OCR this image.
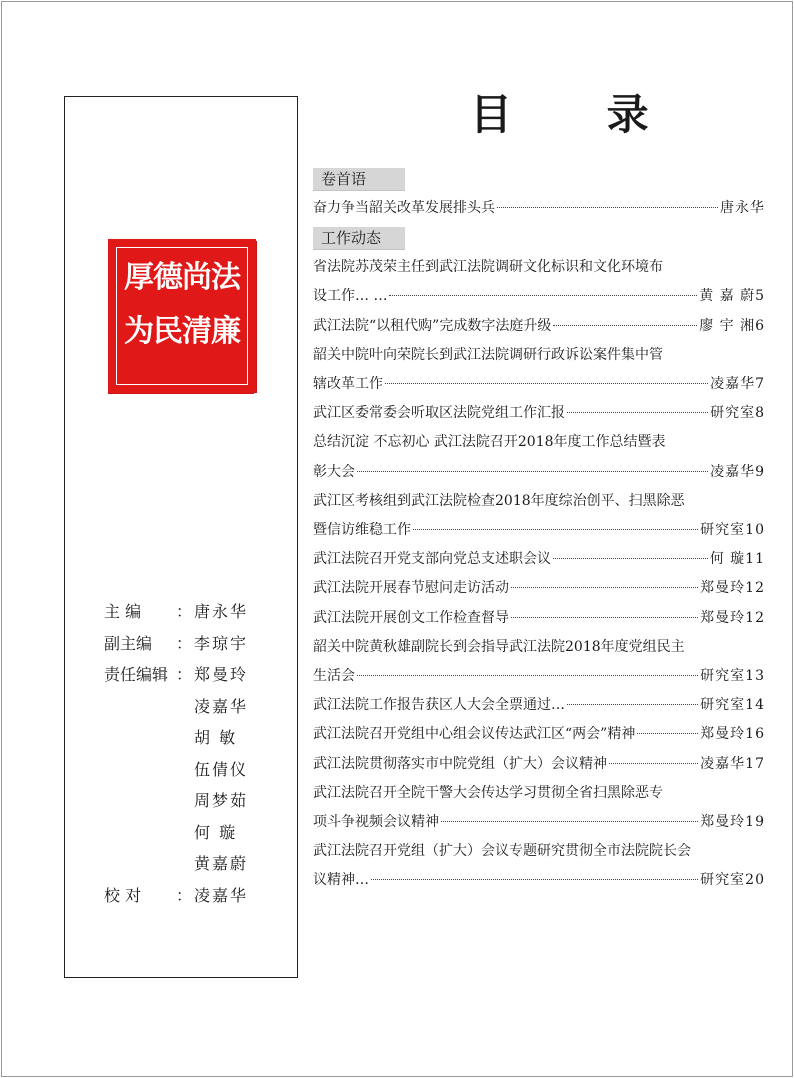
厚德尚法
为民清廉
主 编	： 唐永华
副主编	： 李琼宇
责任编辑 ： 郑曼玲
凌嘉华
胡 敏
伍倩仪
周梦茹
何 璇
黄嘉蔚
校 对	： 凌嘉华
目 录
卷首语
奋力争当韶关改革发展排头兵	唐永华
工作动态
省法院苏茂荣主任到武江法院调研文化标识和文化环境布
设工作… …	黄 嘉 蔚5
武江法院“以租代购”完成数字法庭升级	廖 宇 湘6
韶关中院叶向荣院长到武江法院调研行政诉讼案件集中管
辖改革工作	凌嘉华7
武江区委常委会听取区法院党组工作汇报	研究室8
总结沉淀 不忘初心 武江法院召开2018年度工作总结暨表
彰大会	凌嘉华9
武江区考核组到武江法院检查2018年度综治创平、扫黑除恶
暨信访维稳工作	研究室10
武江法院召开党支部向党总支述职会议	何 璇11
武江法院开展春节慰问走访活动	郑曼玲12
武江法院开展创文工作检查督导	郑曼玲12
韶关中院黄秋雄副院长到会指导武江法院2018年度党组民主
生活会	研究室13
武江法院工作报告获区人大会全票通过…	研究室14
武江法院召开党组中心组会议传达武江区“两会”精神	郑曼玲16
武江法院贯彻落实市中院党组（扩大）会议精神	凌嘉华17
武江法院召开全院干警大会传达学习贯彻全省扫黑除恶专
项斗争视频会议精神	郑曼玲19
武江法院召开党组（扩大）会议专题研究贯彻全市法院院长会
议精神…	研究室20
